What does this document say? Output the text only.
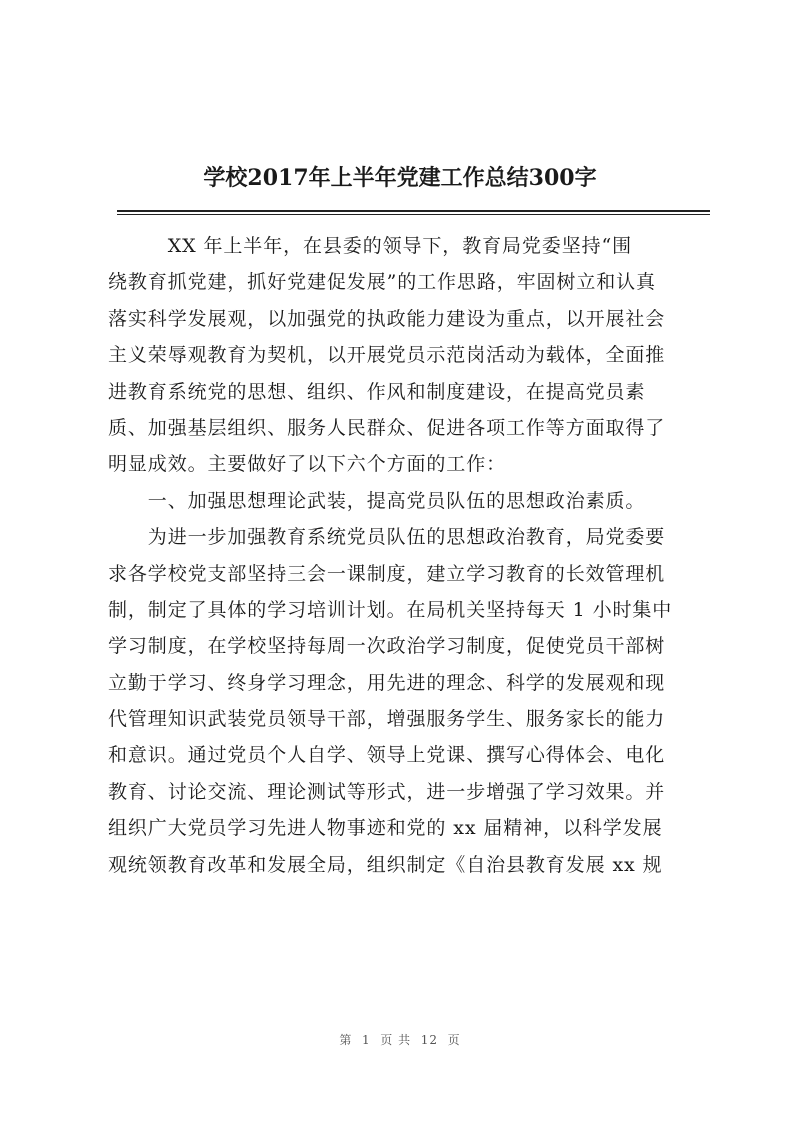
学校2017年上半年党建工作总结300字
　　　XX 年上半年，在县委的领导下，教育局党委坚持“围
绕教育抓党建，抓好党建促发展”的工作思路，牢固树立和认真
落实科学发展观，以加强党的执政能力建设为重点，以开展社会
主义荣辱观教育为契机，以开展党员示范岗活动为载体，全面推
进教育系统党的思想、组织、作风和制度建设，在提高党员素
质、加强基层组织、服务人民群众、促进各项工作等方面取得了
明显成效。主要做好了以下六个方面的工作：
　　一、加强思想理论武装，提高党员队伍的思想政治素质。
　　为进一步加强教育系统党员队伍的思想政治教育，局党委要
求各学校党支部坚持三会一课制度，建立学习教育的长效管理机
制，制定了具体的学习培训计划。在局机关坚持每天 1 小时集中
学习制度，在学校坚持每周一次政治学习制度，促使党员干部树
立勤于学习、终身学习理念，用先进的理念、科学的发展观和现
代管理知识武装党员领导干部，增强服务学生、服务家长的能力
和意识。通过党员个人自学、领导上党课、撰写心得体会、电化
教育、讨论交流、理论测试等形式，进一步增强了学习效果。并
组织广大党员学习先进人物事迹和党的 xx 届精神，以科学发展
观统领教育改革和发展全局，组织制定《自治县教育发展 xx 规
第  1  页 共  12  页
